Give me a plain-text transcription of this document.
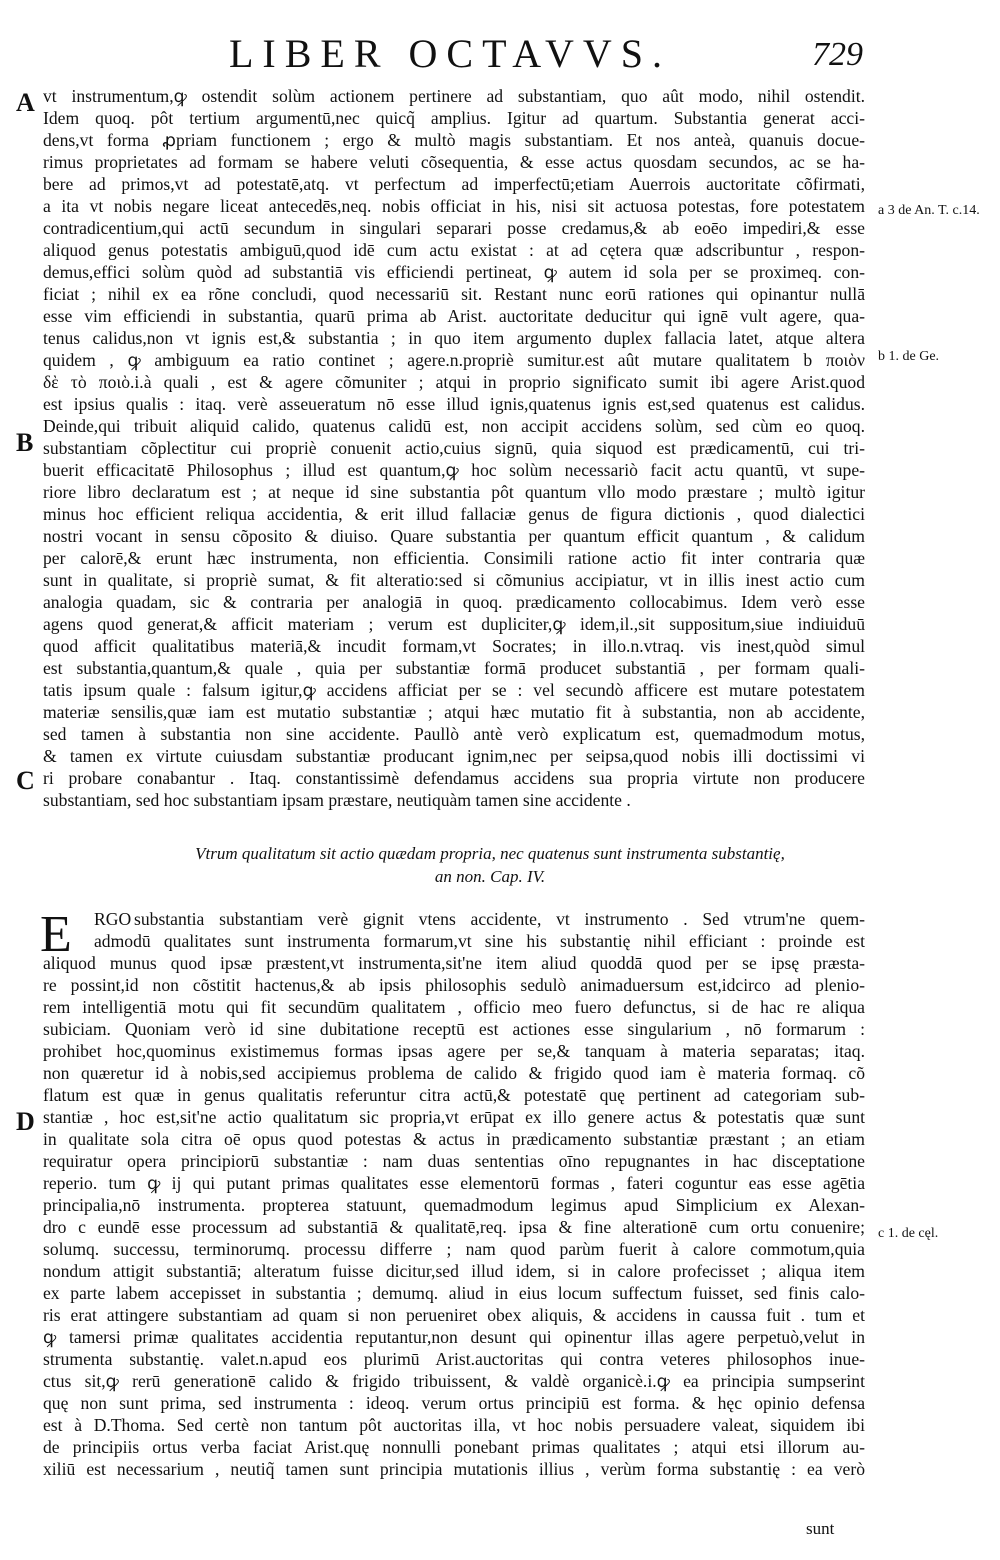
LIBER OCTAVVS.	729
A
B
C
D
a 3 de An. T. c.14.
b 1. de Ge.
c 1. de cęl.
vt instrumentum,ꝙ ostendit solùm actionem pertinere ad substantiam, quo aût modo, nihil ostendit.
Idem quoq. pôt tertium argumentū,nec quicq̃ amplius. Igitur ad quartum. Substantia generat acci-
dens,vt forma ꝓpriam functionem ; ergo & multò magis substantiam. Et nos anteà, quanuis docue-
rimus proprietates ad formam se habere veluti cõsequentia, & esse actus quosdam secundos, ac se ha-
bere ad primos,vt ad potestatē,atq. vt perfectum ad imperfectū;etiam Auerrois auctoritate cõfirmati,
a ita vt nobis negare liceat antecedēs,neq. nobis officiat in his, nisi sit actuosa potestas, fore potestatem
contradicentium,qui actū secundum in singulari separari posse credamus,& ab eoēo impediri,& esse
aliquod genus potestatis ambiguū,quod idē cum actu existat : at ad cętera quæ adscribuntur , respon-
demus,effici solùm quòd ad substantiā vis efficiendi pertineat, ꝙ autem id sola per se proximeq. con-
ficiat ; nihil ex ea rõne concludi, quod necessariū sit. Restant nunc eorū rationes qui opinantur nullā
esse vim efficiendi in substantia, quarū prima ab Arist. auctoritate deducitur qui ignē vult agere, qua-
tenus calidus,non vt ignis est,& substantia ; in quo item argumento duplex fallacia latet, atque altera
quidem , ꝙ ambiguum ea ratio continet ; agere.n.propriè sumitur.est aût mutare qualitatem b ποιὸν
δὲ τὸ ποιὸ.i.à quali , est & agere cõmuniter ; atqui in proprio significato sumit ibi agere Arist.quod
est ipsius qualis : itaq. verè asseueratum nō esse illud ignis,quatenus ignis est,sed quatenus est calidus.
Deinde,qui tribuit aliquid calido, quatenus calidū est, non accipit accidens solùm, sed cùm eo quoq.
substantiam cõplectitur cui propriè conuenit actio,cuius signū, quia siquod est prædicamentū, cui tri-
buerit efficacitatē Philosophus ; illud est quantum,ꝙ hoc solùm necessariò facit actu quantū, vt supe-
riore libro declaratum est ; at neque id sine substantia pôt quantum vllo modo præstare ; multò igitur
minus hoc efficient reliqua accidentia, & erit illud fallaciæ genus de figura dictionis , quod dialectici
nostri vocant in sensu cõposito & diuiso. Quare substantia per quantum efficit quantum , & calidum
per calorē,& erunt hæc instrumenta, non efficientia. Consimili ratione actio fit inter contraria quæ
sunt in qualitate, si propriè sumat, & fit alteratio:sed si cõmunius accipiatur, vt in illis inest actio cum
analogia quadam, sic & contraria per analogiā in quoq. prædicamento collocabimus. Idem verò esse
agens quod generat,& afficit materiam ; verum est dupliciter,ꝙ idem,il.,sit suppositum,siue indiuiduū
quod afficit qualitatibus materiā,& incudit formam,vt Socrates; in illo.n.vtraq. vis inest,quòd simul
est substantia,quantum,& quale , quia per substantiæ formā producet substantiā , per formam quali-
tatis ipsum quale : falsum igitur,ꝙ accidens afficiat per se : vel secundò afficere est mutare potestatem
materiæ sensilis,quæ iam est mutatio substantiæ ; atqui hæc mutatio fit à substantia, non ab accidente,
sed tamen à substantia non sine accidente. Paullò antè verò explicatum est, quemadmodum motus,
& tamen ex virtute cuiusdam substantiæ producant ignim,nec per seipsa,quod nobis illi doctissimi vi
ri probare conabantur . Itaq. constantissimè defendamus accidens sua propria virtute non producere
substantiam, sed hoc substantiam ipsam præstare, neutiquàm tamen sine accidente .
Vtrum qualitatum sit actio quædam propria, nec quatenus sunt instrumenta substantię,
an non. Cap. IV.
E RGO substantia substantiam verè gignit vtens accidente, vt instrumento . Sed vtrum'ne quem-
admodū qualitates sunt instrumenta formarum,vt sine his substantię nihil efficiant : proinde est
aliquod munus quod ipsæ præstent,vt instrumenta,sit'ne item aliud quoddā quod per se ipsę præsta-
re possint,id non cõstitit hactenus,& ab ipsis philosophis sedulò animaduersum est,idcirco ad plenio-
rem intelligentiā motu qui fit secundūm qualitatem , officio meo fuero defunctus, si de hac re aliqua
subiciam. Quoniam verò id sine dubitatione receptū est actiones esse singularium , nō formarum :
prohibet hoc,quominus existimemus formas ipsas agere per se,& tanquam à materia separatas; itaq.
non quæretur id à nobis,sed accipiemus problema de calido & frigido quod iam è materia formaq. cõ
flatum est quæ in genus qualitatis referuntur citra actū,& potestatē quę pertinent ad categoriam sub-
stantiæ , hoc est,sit'ne actio qualitatum sic propria,vt erūpat ex illo genere actus & potestatis quæ sunt
in qualitate sola citra oē opus quod potestas & actus in prædicamento substantiæ præstant ; an etiam
requiratur opera principiorū substantiæ : nam duas sententias oīno repugnantes in hac disceptatione
reperio. tum ꝙ ij qui putant primas qualitates esse elementorū formas , fateri coguntur eas esse agētia
principalia,nō instrumenta. propterea statuunt, quemadmodum legimus apud Simplicium ex Alexan-
dro c eundē esse processum ad substantiā & qualitatē,req. ipsa & fine alterationē cum ortu conuenire;
solumq. successu, terminorumq. processu differre ; nam quod parùm fuerit à calore commotum,quia
nondum attigit substantiā; alteratum fuisse dicitur,sed illud idem, si in calore profecisset ; aliqua item
ex parte labem accepisset in substantia ; demumq. aliud in eius locum suffectum fuisset, sed finis calo-
ris erat attingere substantiam ad quam si non perueniret obex aliquis, & accidens in caussa fuit . tum et
ꝙ tamersi primæ qualitates accidentia reputantur,non desunt qui opinentur illas agere perpetuò,velut in
strumenta substantię. valet.n.apud eos plurimū Arist.auctoritas qui contra veteres philosophos inue-
ctus sit,ꝙ rerū generationē calido & frigido tribuissent, & valdè organicè.i.ꝙ ea principia sumpserint
quę non sunt prima, sed instrumenta : ideoq. verum ortus principiū est forma. & hęc opinio defensa
est à D.Thoma. Sed certè non tantum pôt auctoritas illa, vt hoc nobis persuadere valeat, siquidem ibi
de principiis ortus verba faciat Arist.quę nonnulli ponebant primas qualitates ; atqui etsi illorum au-
xiliū est necessarium , neutiq̃ tamen sunt principia mutationis illius , verùm forma substantię : ea verò
sunt
